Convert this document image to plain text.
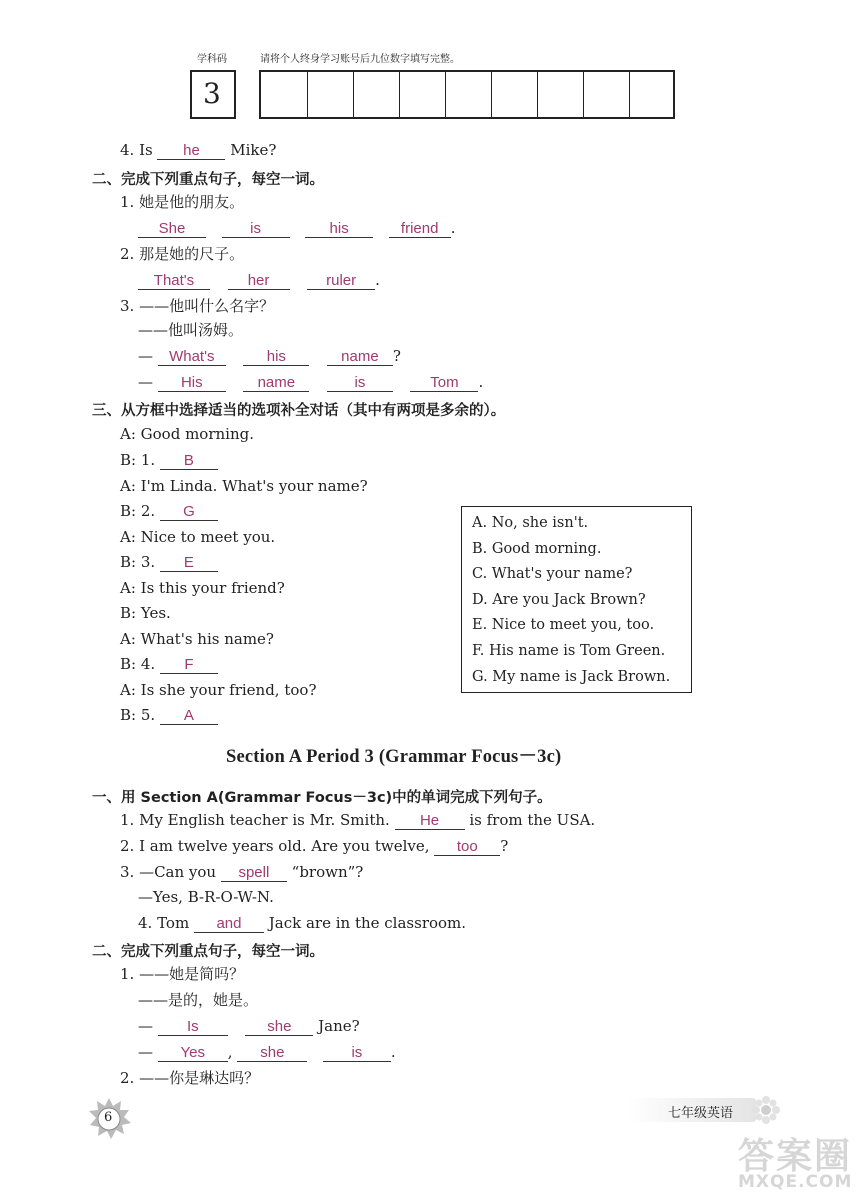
学科码	请将个人终身学习账号后九位数字填写完整。
3
4. Is he Mike?
二、完成下列重点句子，每空一词。
1. 她是他的朋友。
She	is	his	friend .
2. 那是她的尺子。
That's	her	ruler .
3. ——他叫什么名字？
——他叫汤姆。
— What's	his	name ?
— His	name	is	Tom .
三、从方框中选择适当的选项补全对话（其中有两项是多余的）。
A: Good morning.
B: 1. B
A: I'm Linda. What's your name?
B: 2. G
A: Nice to meet you.
B: 3. E
A: Is this your friend?
B: Yes.
A: What's his name?
B: 4. F
A: Is she your friend, too?
B: 5. A
A. No, she isn't.
B. Good morning.
C. What's your name?
D. Are you Jack Brown?
E. Nice to meet you, too.
F. His name is Tom Green.
G. My name is Jack Brown.
Section A Period 3 (Grammar Focus－3c)
一、用 Section A(Grammar Focus－3c)中的单词完成下列句子。
1. My English teacher is Mr. Smith. He is from the USA.
2. I am twelve years old. Are you twelve, too ?
3. —Can you spell “brown”?
—Yes, B-R-O-W-N.
4. Tom and Jack are in the classroom.
二、完成下列重点句子，每空一词。
1. ——她是简吗？
——是的，她是。
— Is	she Jane?
— Yes , she	is .
2. ——你是琳达吗？
6	七年级英语
答案圈
MXQE.COM
